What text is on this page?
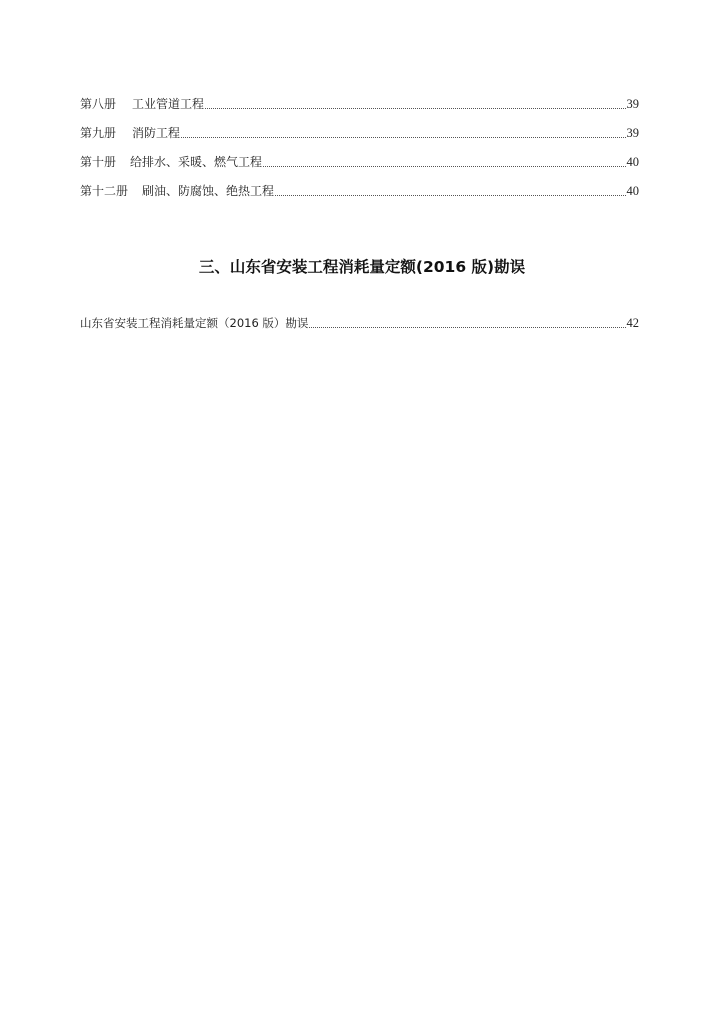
第八册	工业管道工程	39
第九册	消防工程	39
第十册	给排水、采暖、燃气工程	40
第十二册	刷油、防腐蚀、绝热工程	40
三、山东省安装工程消耗量定额(2016 版)勘误
山东省安装工程消耗量定额（2016 版）勘误	42
